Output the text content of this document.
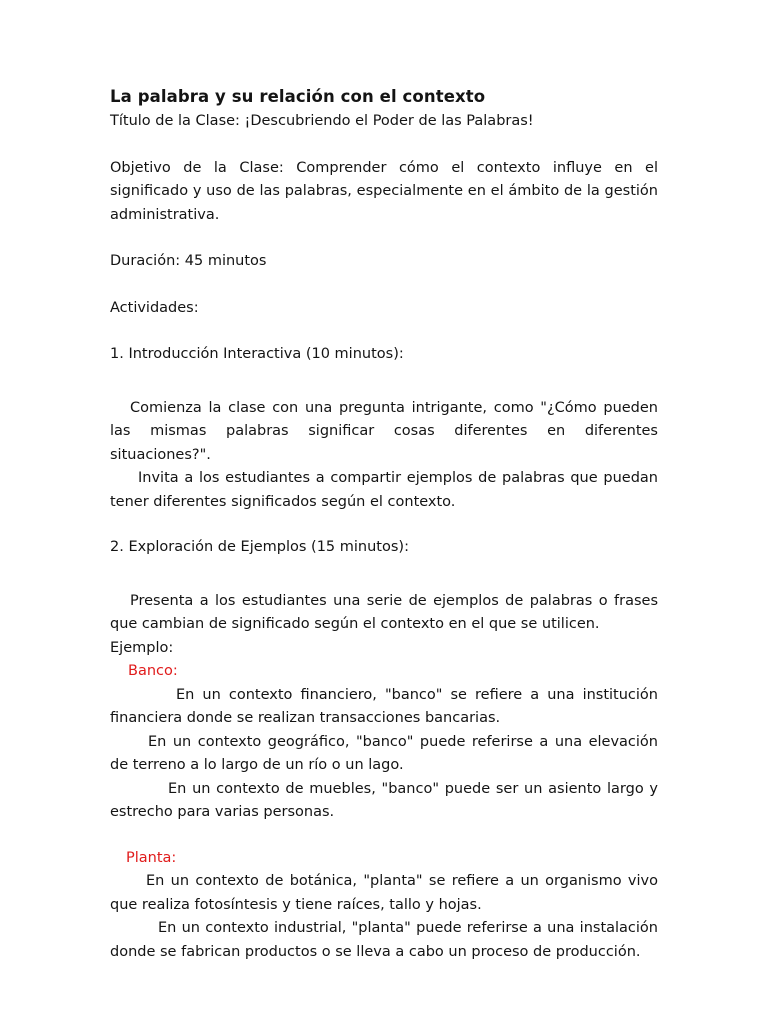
La palabra y su relación con el contexto

Título de la Clase: ¡Descubriendo el Poder de las Palabras!

Objetivo de la Clase: Comprender cómo el contexto influye en el significado y uso de las palabras, especialmente en el ámbito de la gestión administrativa.

Duración: 45 minutos

Actividades:

1. Introducción Interactiva (10 minutos):

Comienza la clase con una pregunta intrigante, como "¿Cómo pueden las mismas palabras significar cosas diferentes en diferentes situaciones?".

Invita a los estudiantes a compartir ejemplos de palabras que puedan tener diferentes significados según el contexto.

2. Exploración de Ejemplos (15 minutos):

Presenta a los estudiantes una serie de ejemplos de palabras o frases que cambian de significado según el contexto en el que se utilicen.

Ejemplo:

Banco:

En un contexto financiero, "banco" se refiere a una institución financiera donde se realizan transacciones bancarias.

En un contexto geográfico, "banco" puede referirse a una elevación de terreno a lo largo de un río o un lago.

En un contexto de muebles, "banco" puede ser un asiento largo y estrecho para varias personas.

Planta:

En un contexto de botánica, "planta" se refiere a un organismo vivo que realiza fotosíntesis y tiene raíces, tallo y hojas.

En un contexto industrial, "planta" puede referirse a una instalación donde se fabrican productos o se lleva a cabo un proceso de producción.
